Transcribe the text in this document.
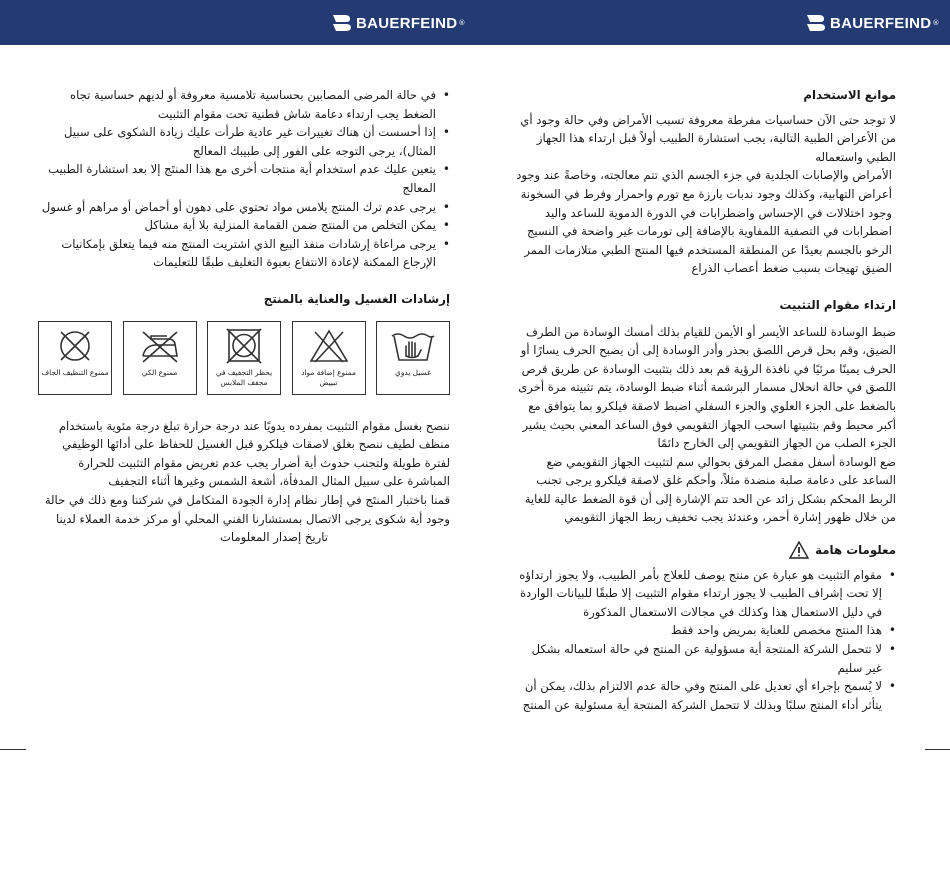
BAUERFEIND ®	BAUERFEIND ®
• في حالة المرضى المصابين بحساسية تلامسية معروفة أو لديهم حساسية تجاه الضغط يجب ارتداء دعامة شاش قطنية تحت مقوام التثبيت
• إذا أحسست أن هناك تغييرات غير عادية طرأت عليك زيادة الشكوى على سبيل المثال)، يرجى التوجه على الفور إلى طبيبك المعالج
• يتعين عليك عدم استخدام أية منتجات أخرى مع هذا المنتَج إلا بعد استشارة الطبيب المعالج
• يرجى عدم ترك المنتج يلامس مواد تحتوي على دهون أو أحماض أو مراهم أو غسول
• يمكن التخلص من المنتج ضمن القمامة المنزلية بلا أية مشاكل
• يرجى مراعاة إرشادات منفذ البيع الذي اشتريت المنتج منه فيما يتعلق بإمكانيات الإرجاع الممكنة لإعادة الانتفاع بعبوة التغليف طبقًا للتعليمات
إرشادات الغسيل والعناية بالمنتج
غسيل يدوي
ممنوع إضافة مواد تبييض
يحظر التجفيف في مجفف الملابس
ممنوع الكي
ممنوع التنظيف الجاف

ننصح بغسل مقوام التثبيت بمفرده يدويًا عند درجة حرارة تبلغ درجة مئوية باستخدام منظف لطيف ننصح بغلق لاصقات فيلكرو قبل الغسيل للحفاظ على أدائها الوظيفي لفترة طويلة ولتجنب حدوث أية أضرار يجب عدم تعريض مقوام التثبيت للحرارة المباشرة على سبيل المثال المدفأة، أشعة الشمس وغيرها أثناء التجفيف

قمنا باختبار المنتَج في إطار نظام إدارة الجودة المتكامل في شركتنا ومع ذلك في حالة وجود أية شكوى يرجى الاتصال بمستشارنا الفني المحلي أو مركز خدمة العملاء لدينا

تاريخ إصدار المعلومات

موانع الاستخدام

لا توجد حتى الآن حساسيات مفرطة معروفة تسبب الأمراض وفي حالة وجود أي من الأعراض الطبية التالية، يجب استشارة الطبيب أولاً قبل ارتداء هذا الجهاز الطبي واستعماله

الأمراض والإصابات الجلدية في جزء الجسم الذي تتم معالجته، وخاصةً عند وجود أعراض التهابية، وكذلك وجود ندبات بارزة مع تورم واحمرار وفرط في السخونة

وجود اختلالات في الإحساس واضطرابات في الدورة الدموية للساعد واليد اضطرابات في التصفية اللمفاوية بالإضافة إلى تورمات غير واضحة في النسيج الرخو بالجسم بعيدًا عن المنطقة المستخدم فيها المنتج الطبي متلازمات الممر الضيق تهيجات بسبب ضغط أعصاب الذراع

ارتداء مقوام التثبيت

ضبط الوسادة للساعد الأيسر أو الأيمن للقيام بذلك أمسك الوسادة من الطرف الضيق، وقم بحل قرص اللصق بحذر وأدر الوسادة إلى أن يصبح الحرف يسارًا أو الحرف يمينًا مرئيًا في نافذة الرؤية قم بعد ذلك بتثبيت الوسادة عن طريق قرص اللصق في حالة انحلال مسمار البرشمة أثناء ضبط الوسادة، يتم تثبيته مرة أخرى بالضغط على الجزء العلوي والجزء السفلي اضبط لاصقة فيلكرو بما يتوافق مع أكبر محيط وقم بتثبيتها اسحب الجهاز التقويمي فوق الساعد المعني بحيث يشير الجزء الصلب من الجهاز التقويمي إلى الخارج دائمًا

ضع الوسادة أسفل مفصل المرفق بحوالي سم لتثبيت الجهاز التقويمي ضع الساعد على دعامة صلبة منضدة مثلاً، وأحكم غلق لاصقة فيلكرو يرجى تجنب الربط المحكم بشكل زائد عن الحد تتم الإشارة إلى أن قوة الضغط عالية للغاية من خلال ظهور إشارة أحمر، وعندئذ يجب تخفيف ربط الجهاز التقويمي

معلومات هامة
• مقوام التثبيت هو عبارة عن منتج يوصف للعلاج بأمر الطبيب، ولا يجوز ارتداؤه إلا تحت إشراف الطبيب لا يجوز ارتداء مقوام التثبيت إلا طبقًا للبيانات الواردة في دليل الاستعمال هذا وكذلك في مجالات الاستعمال المذكورة
• هذا المنتج مخصص للعناية بمريض واحد فقط
• لا تتحمل الشركة المنتجة أية مسؤولية عن المنتج في حالة استعماله بشكل غير سليم
• لا يُسمح بإجراء أي تعديل على المنتج وفي حالة عدم الالتزام بذلك، يمكن أن يتأثر أداء المنتج سلبًا وبذلك لا تتحمل الشركة المنتجة أية مسئولية عن المنتج
